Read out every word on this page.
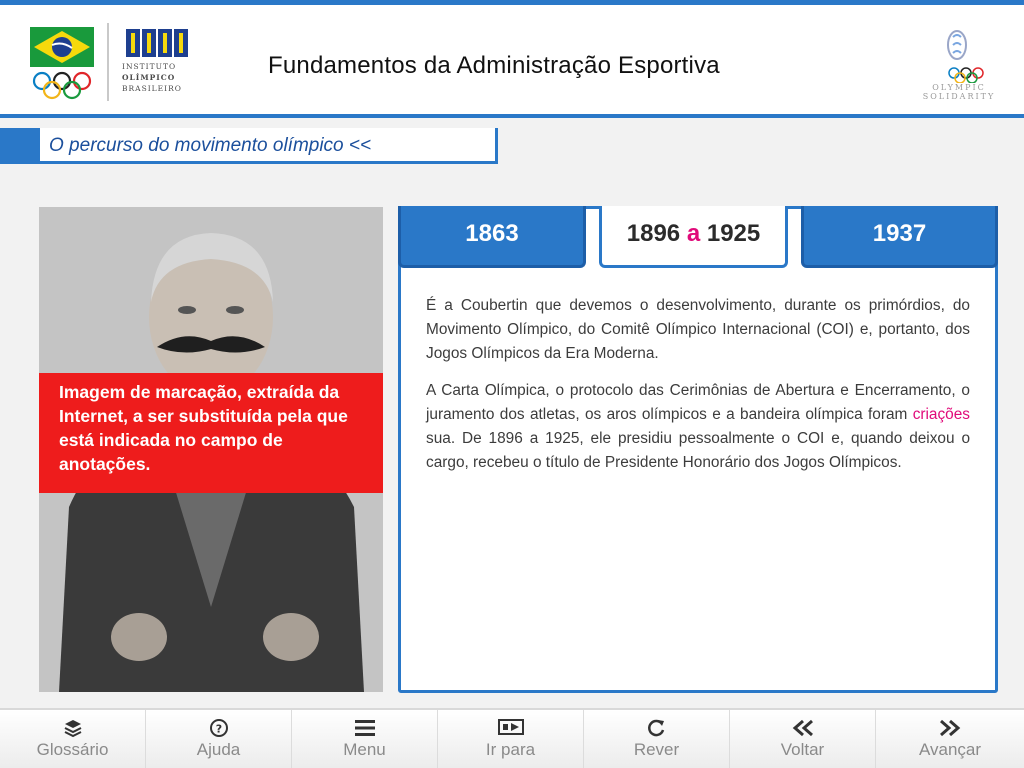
INSTITUTO
OLÍMPICO
BRASILEIRO
Fundamentos da Administração Esportiva
OLYMPIC
SOLIDARITY
O percurso do movimento olímpico <<
Imagem de marcação, extraída da Internet, a ser substituída pela que está indicada no campo de anotações.
1863	1896 a 1925	1937

É a Coubertin que devemos o desenvolvimento, durante os primórdios, do Movimento Olímpico, do Comitê Olímpico Internacional (COI) e, portanto, dos Jogos Olímpicos da Era Moderna.

A Carta Olímpica, o protocolo das Cerimônias de Abertura e Encerramento, o juramento dos atletas, os aros olímpicos e a bandeira olímpica foram criações sua. De 1896 a 1925, ele presidiu pessoalmente o COI e, quando deixou o cargo, recebeu o título de Presidente Honorário dos Jogos Olímpicos.

Glossário
?
Ajuda	Menu	Ir para	Rever	Voltar	Avançar
